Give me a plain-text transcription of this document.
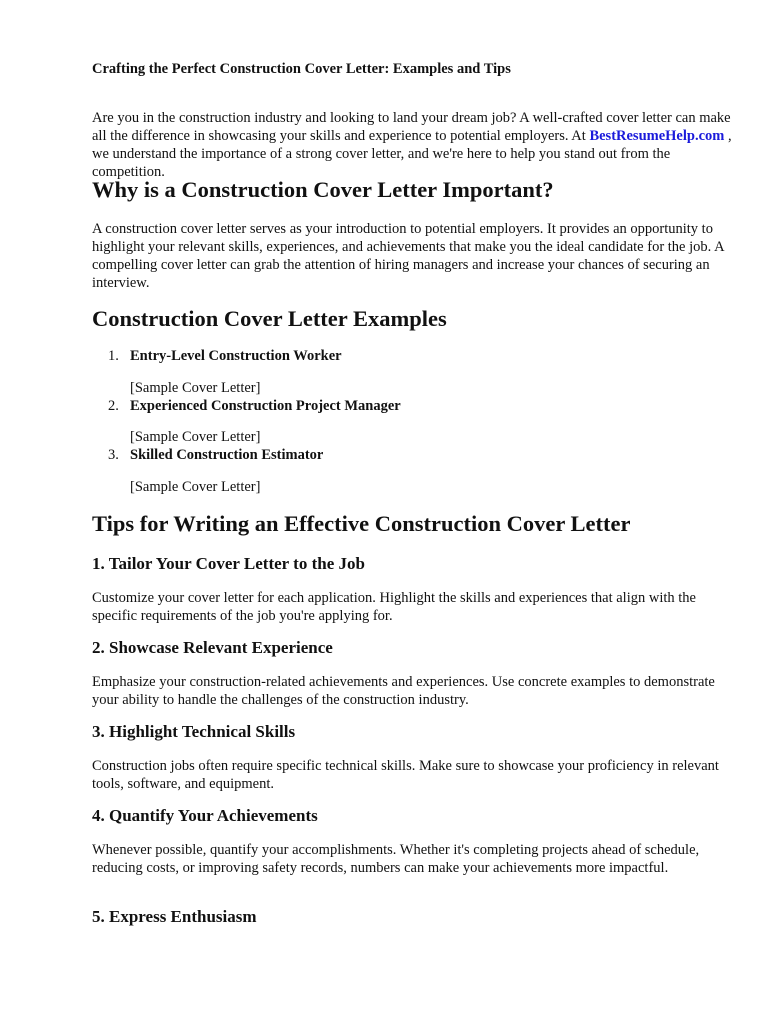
Crafting the Perfect Construction Cover Letter: Examples and Tips
Are you in the construction industry and looking to land your dream job? A well-crafted cover letter can make all the difference in showcasing your skills and experience to potential employers. At BestResumeHelp.com , we understand the importance of a strong cover letter, and we're here to help you stand out from the competition.
Why is a Construction Cover Letter Important?
A construction cover letter serves as your introduction to potential employers. It provides an opportunity to highlight your relevant skills, experiences, and achievements that make you the ideal candidate for the job. A compelling cover letter can grab the attention of hiring managers and increase your chances of securing an interview.
Construction Cover Letter Examples
1. Entry-Level Construction Worker
[Sample Cover Letter]
2. Experienced Construction Project Manager
[Sample Cover Letter]
3. Skilled Construction Estimator
[Sample Cover Letter]
Tips for Writing an Effective Construction Cover Letter
1. Tailor Your Cover Letter to the Job
Customize your cover letter for each application. Highlight the skills and experiences that align with the specific requirements of the job you're applying for.
2. Showcase Relevant Experience
Emphasize your construction-related achievements and experiences. Use concrete examples to demonstrate your ability to handle the challenges of the construction industry.
3. Highlight Technical Skills
Construction jobs often require specific technical skills. Make sure to showcase your proficiency in relevant tools, software, and equipment.
4. Quantify Your Achievements
Whenever possible, quantify your accomplishments. Whether it's completing projects ahead of schedule, reducing costs, or improving safety records, numbers can make your achievements more impactful.
5. Express Enthusiasm
